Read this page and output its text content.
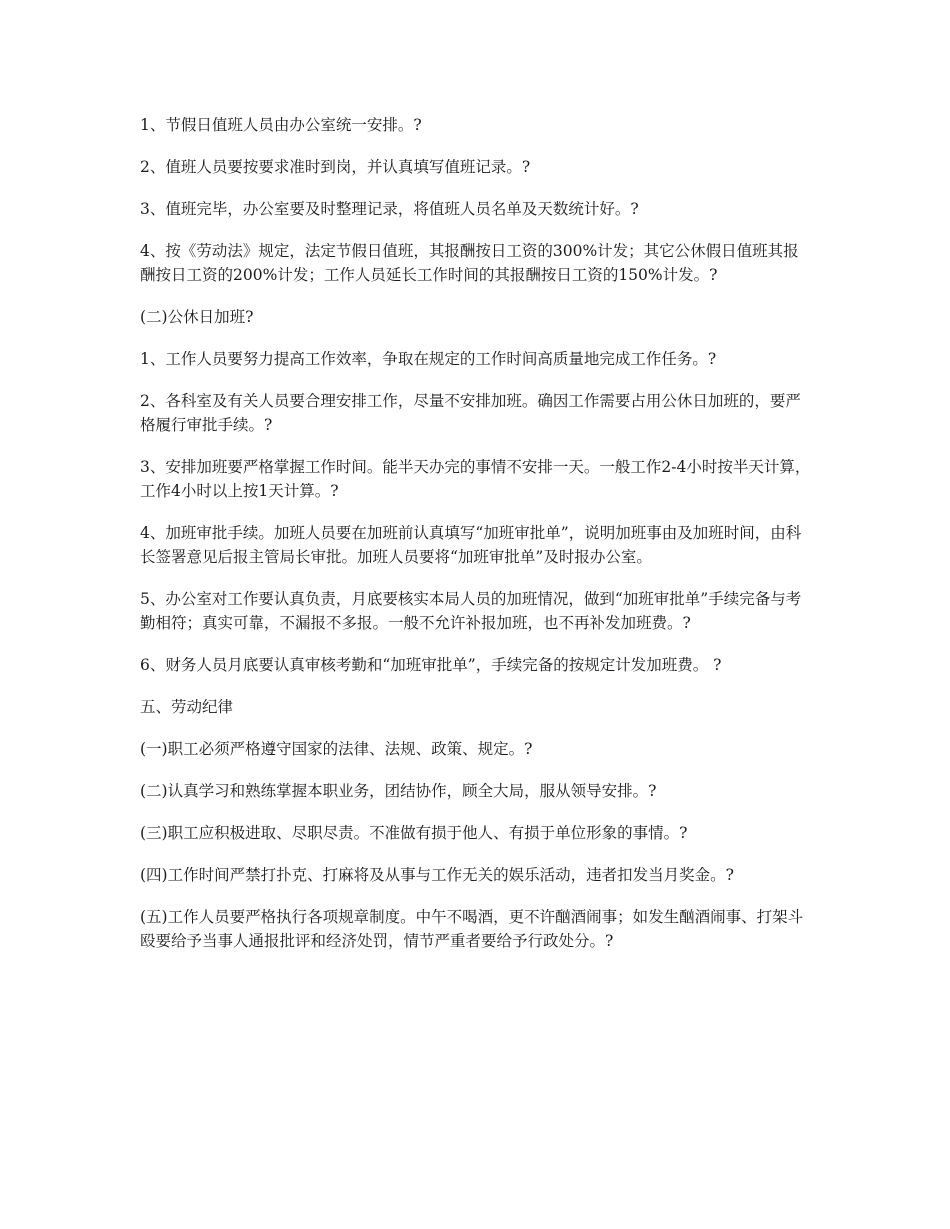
1、节假日值班人员由办公室统一安排。?

2、值班人员要按要求准时到岗，并认真填写值班记录。?

3、值班完毕，办公室要及时整理记录，将值班人员名单及天数统计好。?

4、按《劳动法》规定，法定节假日值班，其报酬按日工资的300%计发；其它公休假日值班其报酬按日工资的200%计发；工作人员延长工作时间的其报酬按日工资的150%计发。?

(二)公休日加班?

1、工作人员要努力提高工作效率，争取在规定的工作时间高质量地完成工作任务。?

2、各科室及有关人员要合理安排工作，尽量不安排加班。确因工作需要占用公休日加班的，要严格履行审批手续。?

3、安排加班要严格掌握工作时间。能半天办完的事情不安排一天。一般工作2-4小时按半天计算，工作4小时以上按1天计算。?

4、加班审批手续。加班人员要在加班前认真填写“加班审批单”，说明加班事由及加班时间，由科长签署意见后报主管局长审批。加班人员要将“加班审批单”及时报办公室。

5、办公室对工作要认真负责，月底要核实本局人员的加班情况，做到“加班审批单”手续完备与考勤相符；真实可靠，不漏报不多报。一般不允许补报加班，也不再补发加班费。?

6、财务人员月底要认真审核考勤和“加班审批单”，手续完备的按规定计发加班费。 ?

五、劳动纪律

(一)职工必须严格遵守国家的法律、法规、政策、规定。?

(二)认真学习和熟练掌握本职业务，团结协作，顾全大局，服从领导安排。?

(三)职工应积极进取、尽职尽责。不准做有损于他人、有损于单位形象的事情。?

(四)工作时间严禁打扑克、打麻将及从事与工作无关的娱乐活动，违者扣发当月奖金。?

(五)工作人员要严格执行各项规章制度。中午不喝酒，更不许酗酒闹事；如发生酗酒闹事、打架斗殴要给予当事人通报批评和经济处罚，情节严重者要给予行政处分。?
